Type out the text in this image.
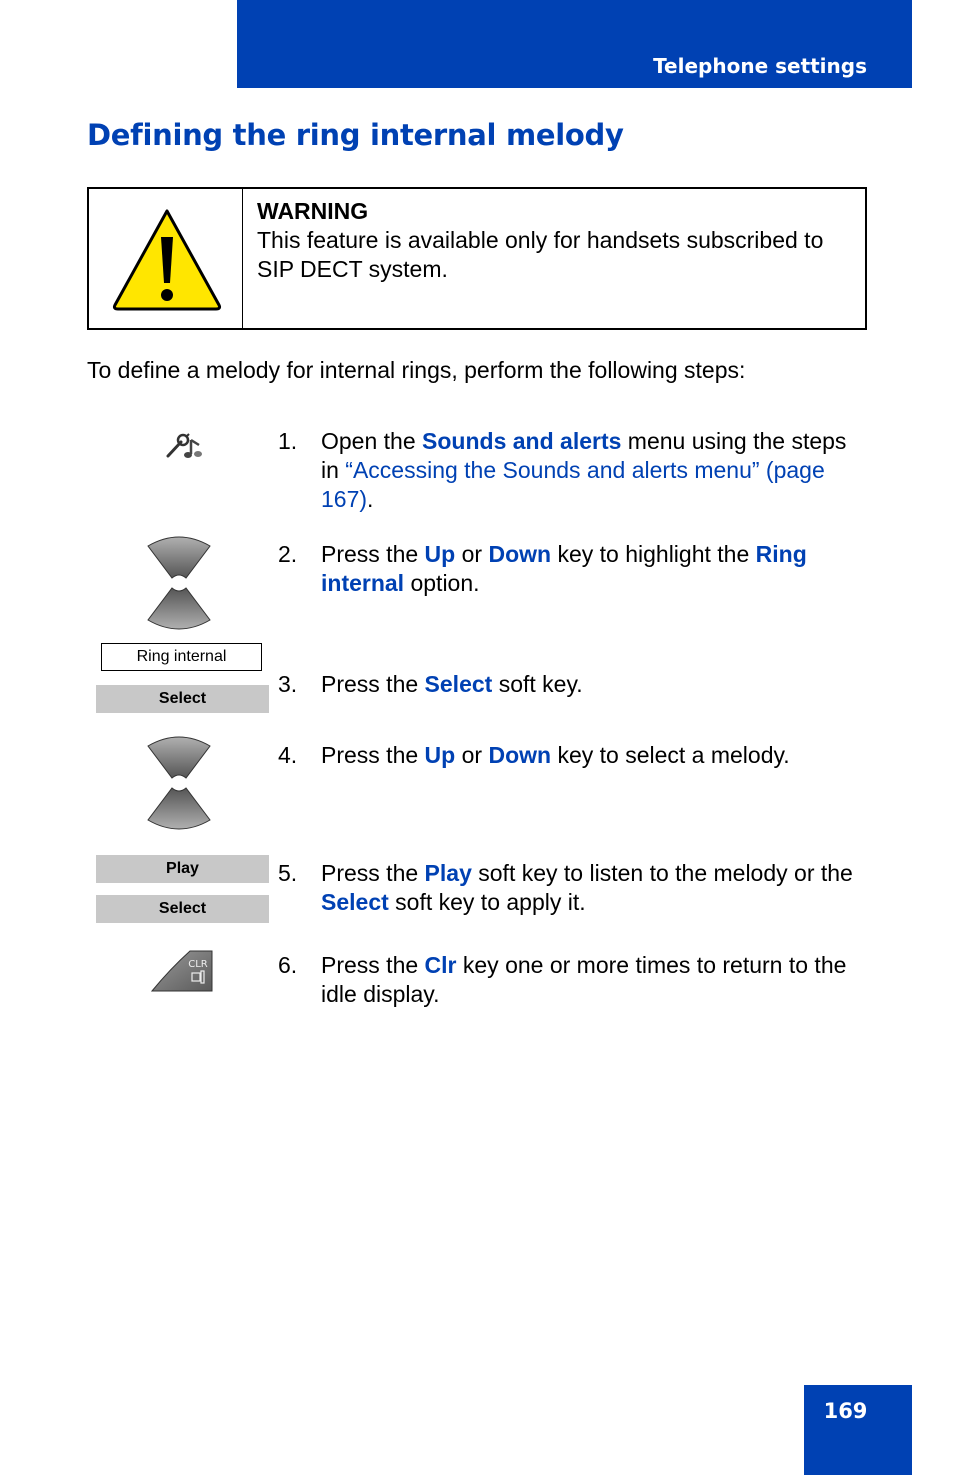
Telephone settings
Defining the ring internal melody
WARNING
This feature is available only for handsets subscribed to SIP DECT system.

To define a melody for internal rings, perform the following steps:

Ring internal
Select
Play
Select
CLR
1. Open the Sounds and alerts menu using the steps in “Accessing the Sounds and alerts menu” (page 167).
2. Press the Up or Down key to highlight the Ring internal option.
3. Press the Select soft key.
4. Press the Up or Down key to select a melody.
5. Press the Play soft key to listen to the melody or the Select soft key to apply it.
6. Press the Clr key one or more times to return to the idle display.
169
